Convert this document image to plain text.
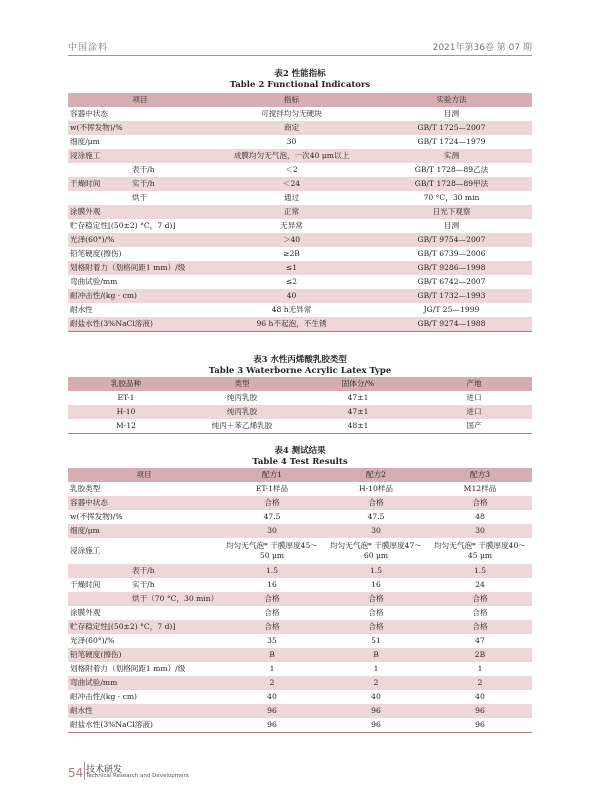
中国涂料	2021年第36卷 第 07 期
表2 性能指标
Table 2 Functional Indicators
项目		指标	实验方法
容器中状态		可搅拌均匀无硬块	目测
w(不挥发物)/%		商定	GB/T 1725—2007
细度/μm		30	GB/T 1724—1979
浸涂施工		成膜均匀无气泡，一次40 μm以上	实测
	表干/h	＜2	GB/T 1728—89乙法
干燥时间	实干/h	＜24	GB/T 1728—89甲法
	烘干	通过	70 °C，30 min
涂膜外观		正常	日光下观察
贮存稳定性[(50±2) °C，7 d)]		无异常	目测
光泽(60°)/%		＞40	GB/T 9754—2007
铅笔硬度(擦伤)		≥2B	GB/T 6739—2006
划格附着力（划格间距1 mm）/级		≤1	GB/T 9286—1998
弯曲试验/mm		≤2	GB/T 6742—2007
耐冲击性/(kg · cm)		40	GB/T 1732—1993
耐水性		48 h无异常	JG/T 25—1999
耐盐水性(3%NaCl溶液)		96 h不起泡，不生锈	GB/T 9274—1988
表3 水性丙烯酸乳胶类型
Table 3 Waterborne Acrylic Latex Type
乳胶品种	类型	固体分/%	产地
ET-1	纯丙乳胶	47±1	进口
H-10	纯丙乳胶	47±1	进口
M-12	纯丙＋苯乙烯乳胶	48±1	国产
表4 测试结果
Table 4 Test Results
项目		配方1	配方2	配方3
乳胶类型		ET-1样品	H-10样品	M12样品
容器中状态		合格	合格	合格
w(不挥发物)/%		47.5	47.5	48
细度/μm		30	30	30
浸涂施工		均匀无气泡* 干膜厚度45～50 μm	均匀无气泡* 干膜厚度47～60 μm	均匀无气泡* 干膜厚度40～45 μm
	表干/h	1.5	1.5	1.5
干燥时间	实干/h	16	16	24
	烘干（70 °C，30 min）	合格	合格	合格
涂膜外观		合格	合格	合格
贮存稳定性[(50±2) °C，7 d)]		合格	合格	合格
光泽(60°)/%		35	51	47
铅笔硬度(擦伤)		B	B	2B
划格附着力（划格间距1 mm）/级		1	1	1
弯曲试验/mm		2	2	2
耐冲击性/(kg · cm)		40	40	40
耐水性		96	96	96
耐盐水性(3%NaCl溶液)		96	96	96
54 技术研发
Technical Research and Development
